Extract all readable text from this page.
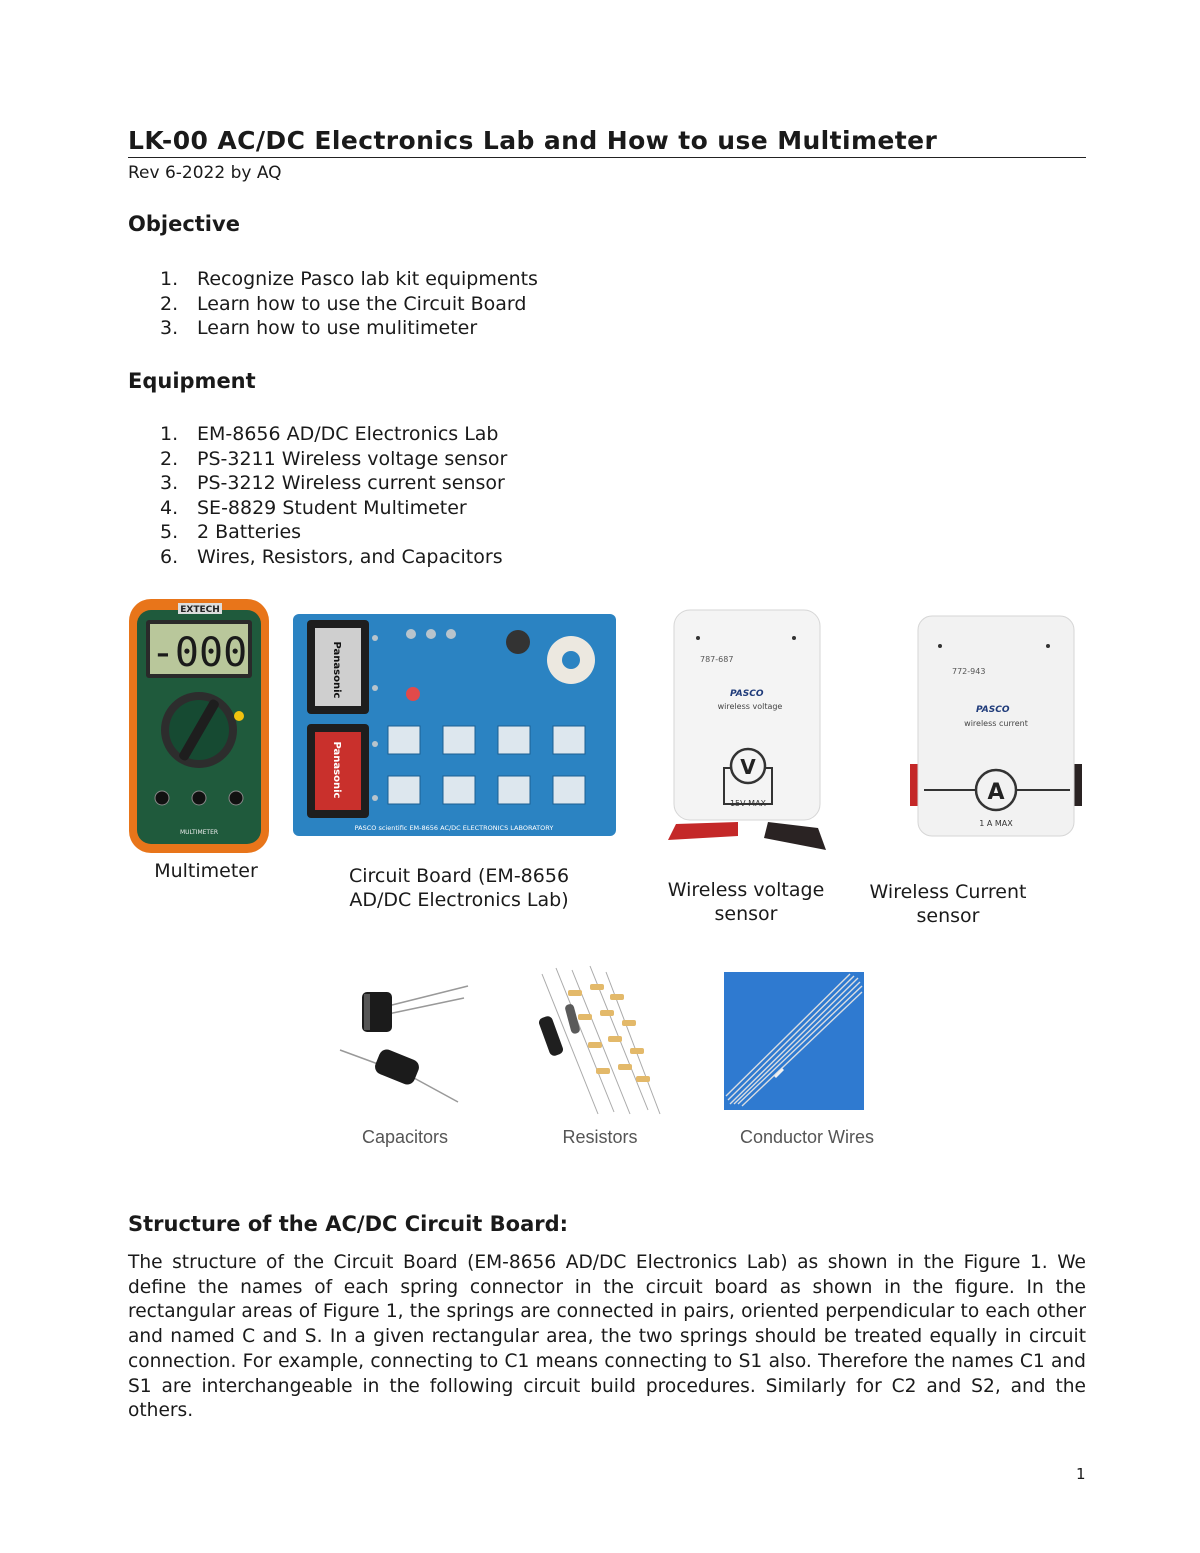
LK-00 AC/DC Electronics Lab and How to use Multimeter
Rev 6-2022 by AQ
Objective
1. Recognize Pasco lab kit equipments
2. Learn how to use the Circuit Board
3. Learn how to use mulitimeter
Equipment
1. EM-8656 AD/DC Electronics Lab
2. PS-3211 Wireless voltage sensor
3. PS-3212 Wireless current sensor
4. SE-8829 Student Multimeter
5. 2 Batteries
6. Wires, Resistors, and Capacitors
EXTECH
-000
MULTIMETER
Panasonic
Panasonic
PASCO scientific EM-8656 AC/DC ELECTRONICS LABORATORY
787-687
PASCO
wireless voltage
V
15V MAX
772-943
PASCO
wireless current
A
1 A MAX
Multimeter	Circuit Board (EM-8656
AD/DC Electronics Lab)	Wireless voltage
sensor
Wireless Current
sensor
Capacitors	Resistors	Conductor Wires
Structure of the AC/DC Circuit Board:
The structure of the Circuit Board (EM-8656 AD/DC Electronics Lab) as shown in the Figure 1. We define the names of each spring connector in the circuit board as shown in the figure. In the rectangular areas of Figure 1, the springs are connected in pairs, oriented perpendicular to each other and named C and S. In a given rectangular area, the two springs should be treated equally in circuit connection. For example, connecting to C1 means connecting to S1 also. Therefore the names C1 and S1 are interchangeable in the following circuit build procedures. Similarly for C2 and S2, and the others.
1
